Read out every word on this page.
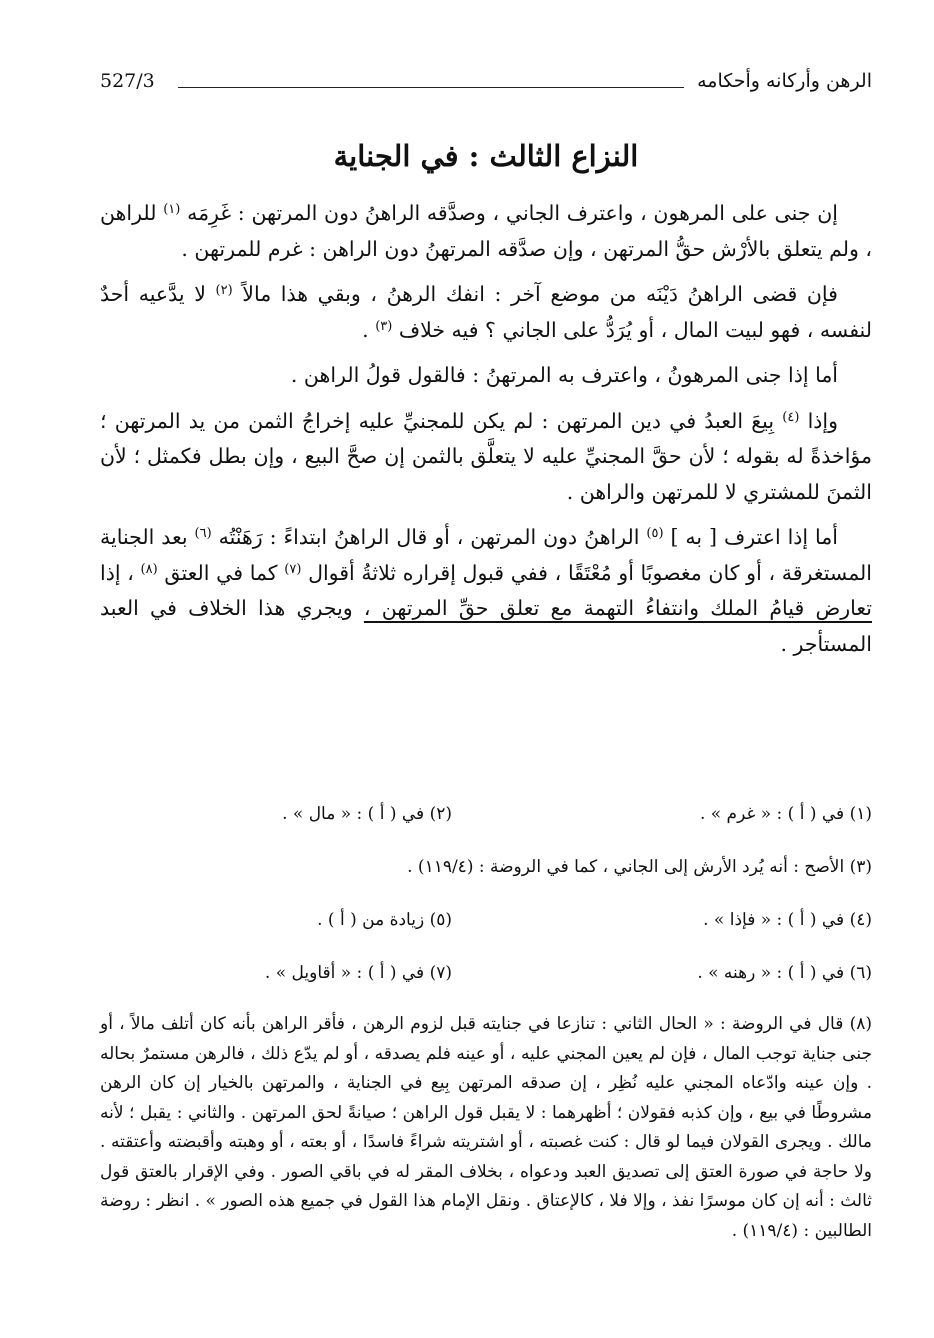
الرهن وأركانه وأحكامه
527/3
النزاع الثالث : في الجناية

إن جنى على المرهون ، واعترف الجاني ، وصدَّقه الراهنُ دون المرتهن : غَرِمَه $^{(١)}$ للراهن ، ولم يتعلق بالأرْش حقُّ المرتهن ، وإن صدَّقه المرتهنُ دون الراهن : غرم للمرتهن .

فإن قضى الراهنُ دَيْنَه من موضع آخر : انفك الرهنُ ، وبقي هذا مالاً $^{(٢)}$ لا يدَّعيه أحدٌ لنفسه ، فهو لبيت المال ، أو يُرَدُّ على الجاني ؟ فيه خلاف $^{(٣)}$ .

أما إذا جنى المرهونُ ، واعترف به المرتهنُ : فالقول قولُ الراهن .

وإذا $^{(٤)}$ بِيعَ العبدُ في دين المرتهن : لم يكن للمجنيِّ عليه إخراجُ الثمن من يد المرتهن ؛ مؤاخذةً له بقوله ؛ لأن حقَّ المجنيِّ عليه لا يتعلَّق بالثمن إن صحَّ البيع ، وإن بطل فكمثل ؛ لأن الثمنَ للمشتري لا للمرتهن والراهن .

أما إذا اعترف [ به ] $^{(٥)}$ الراهنُ دون المرتهن ، أو قال الراهنُ ابتداءً : رَهَنْتُه $^{(٦)}$ بعد الجناية المستغرقة ، أو كان مغصوبًا أو مُعْتَقًا ، ففي قبول إقراره ثلاثةُ أقوال $^{(٧)}$ كما في العتق $^{(٨)}$ ، إذا تعارض قيامُ الملك وانتفاءُ التهمة مع تعلق حقِّ المرتهن ، ويجري هذا الخلاف في العبد المستأجر .

(١) في ( أ ) : « غرم » .
(٢) في ( أ ) : « مال » .
(٣) الأصح : أنه يُرد الأرش إلى الجاني ، كما في الروضة : (١١٩/٤) .
(٤) في ( أ ) : « فإذا » .
(٥) زيادة من ( أ ) .
(٦) في ( أ ) : « رهنه » .
(٧) في ( أ ) : « أقاويل » .
(٨) قال في الروضة : « الحال الثاني : تنازعا في جنايته قبل لزوم الرهن ، فأقر الراهن بأنه كان أتلف مالاً ، أو جنى جناية توجب المال ، فإن لم يعين المجني عليه ، أو عينه فلم يصدقه ، أو لم يدّع ذلك ، فالرهن مستمرٌ بحاله . وإن عينه وادّعاه المجني عليه نُظِر ، إن صدقه المرتهن بِيع في الجناية ، والمرتهن بالخيار إن كان الرهن مشروطًا في بيع ، وإن كذبه فقولان ؛ أظهرهما : لا يقبل قول الراهن ؛ صيانةً لحق المرتهن . والثاني : يقبل ؛ لأنه مالك . ويجرى القولان فيما لو قال : كنت غصبته ، أو اشتريته شراءً فاسدًا ، أو بعته ، أو وهبته وأقبضته وأعتقته . ولا حاجة في صورة العتق إلى تصديق العبد ودعواه ، بخلاف المقر له في باقي الصور . وفي الإقرار بالعتق قول ثالث : أنه إن كان موسرًا نفذ ، وإلا فلا ، كالإعتاق . ونقل الإمام هذا القول في جميع هذه الصور » . انظر : روضة الطالبين : (١١٩/٤) .
